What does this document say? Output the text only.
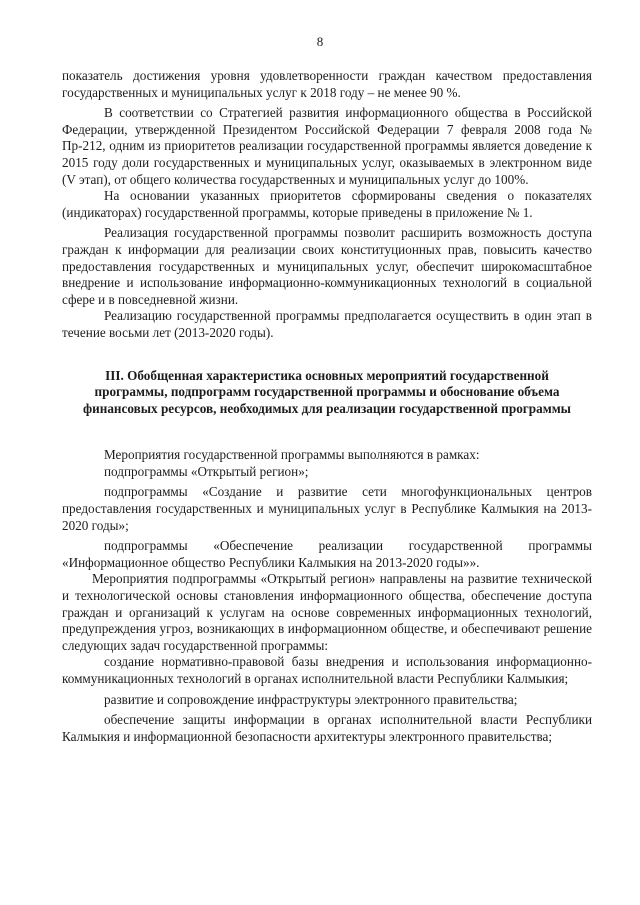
8

показатель достижения уровня удовлетворенности граждан качеством предоставления государственных и муниципальных услуг к 2018 году – не менее 90 %.

В соответствии со Стратегией развития информационного общества в Российской Федерации, утвержденной Президентом Российской Федерации 7 февраля 2008 года № Пр-212, одним из приоритетов реализации государственной программы является доведение к 2015 году доли государственных и муниципальных услуг, оказываемых в электронном виде (V этап), от общего количества государственных и муниципальных услуг до 100%.

На основании указанных приоритетов сформированы сведения о показателях (индикаторах) государственной программы, которые приведены в приложение № 1.

Реализация государственной программы позволит расширить возможность доступа граждан к информации для реализации своих конституционных прав, повысить качество предоставления государственных и муниципальных услуг, обеспечит широкомасштабное внедрение и использование информационно-коммуникационных технологий в социальной сфере и в повседневной жизни.

Реализацию государственной программы предполагается осуществить в один этап в течение восьми лет (2013-2020 годы).

III. Обобщенная характеристика основных мероприятий государственной программы, подпрограмм государственной программы и обоснование объема финансовых ресурсов, необходимых для реализации государственной программы

Мероприятия государственной программы выполняются в рамках:

подпрограммы «Открытый регион»;

подпрограммы «Создание и развитие сети многофункциональных центров предоставления государственных и муниципальных услуг в Республике Калмыкия на 2013-2020 годы»;

подпрограммы «Обеспечение реализации государственной программы «Информационное общество Республики Калмыкия на 2013-2020 годы»».

Мероприятия подпрограммы «Открытый регион» направлены на развитие технической и технологической основы становления информационного общества, обеспечение доступа граждан и организаций к услугам на основе современных информационных технологий, предупреждения угроз, возникающих в информационном обществе, и обеспечивают решение следующих задач государственной программы:

создание нормативно-правовой базы внедрения и использования информационно-коммуникационных технологий в органах исполнительной власти Республики Калмыкия;

развитие и сопровождение инфраструктуры электронного правительства;

обеспечение защиты информации в органах исполнительной власти Республики Калмыкия и информационной безопасности архитектуры электронного правительства;
